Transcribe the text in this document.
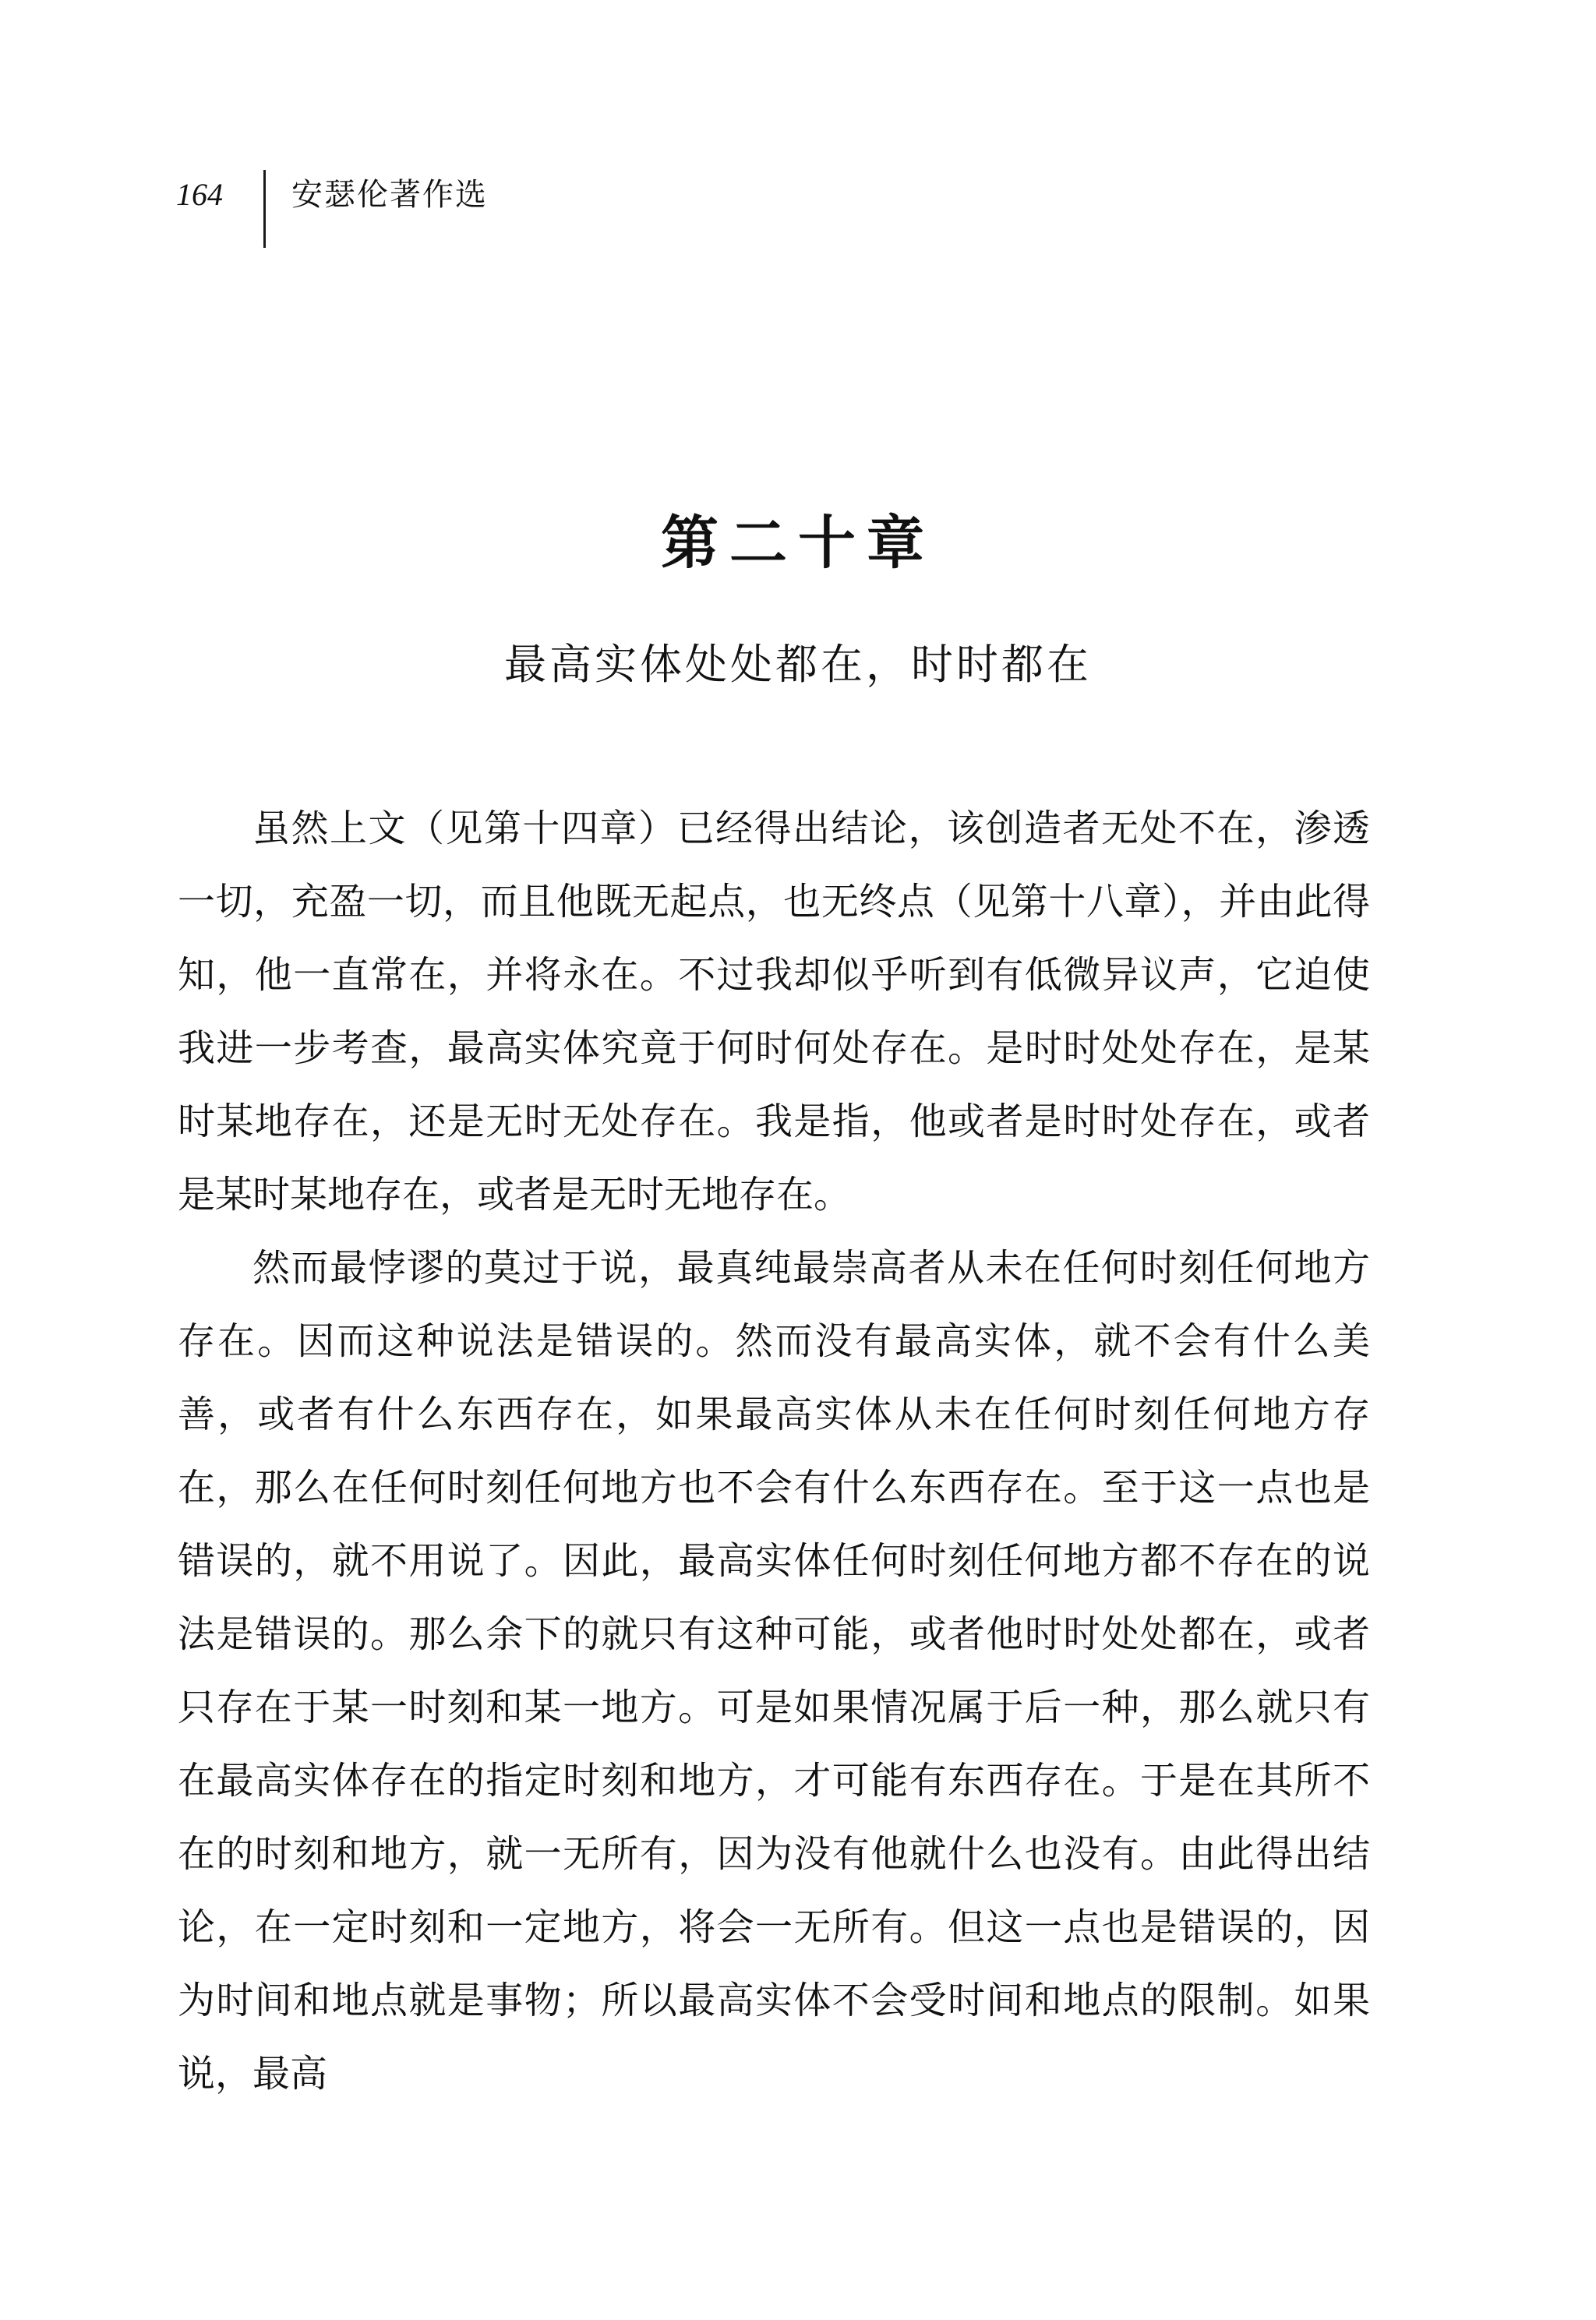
164 安瑟伦著作选
第二十章
最高实体处处都在，时时都在

虽然上文（见第十四章）已经得出结论，该创造者无处不在，渗透一切，充盈一切，而且他既无起点，也无终点（见第十八章），并由此得知，他一直常在，并将永在。不过我却似乎听到有低微异议声，它迫使我进一步考查，最高实体究竟于何时何处存在。是时时处处存在，是某时某地存在，还是无时无处存在。我是指，他或者是时时处存在，或者是某时某地存在，或者是无时无地存在。

然而最悖谬的莫过于说，最真纯最崇高者从未在任何时刻任何地方存在。因而这种说法是错误的。然而没有最高实体，就不会有什么美善，或者有什么东西存在，如果最高实体从未在任何时刻任何地方存在，那么在任何时刻任何地方也不会有什么东西存在。至于这一点也是错误的，就不用说了。因此，最高实体任何时刻任何地方都不存在的说法是错误的。那么余下的就只有这种可能，或者他时时处处都在，或者只存在于某一时刻和某一地方。可是如果情况属于后一种，那么就只有在最高实体存在的指定时刻和地方，才可能有东西存在。于是在其所不在的时刻和地方，就一无所有，因为没有他就什么也没有。由此得出结论，在一定时刻和一定地方，将会一无所有。但这一点也是错误的，因为时间和地点就是事物；所以最高实体不会受时间和地点的限制。如果说，最高
